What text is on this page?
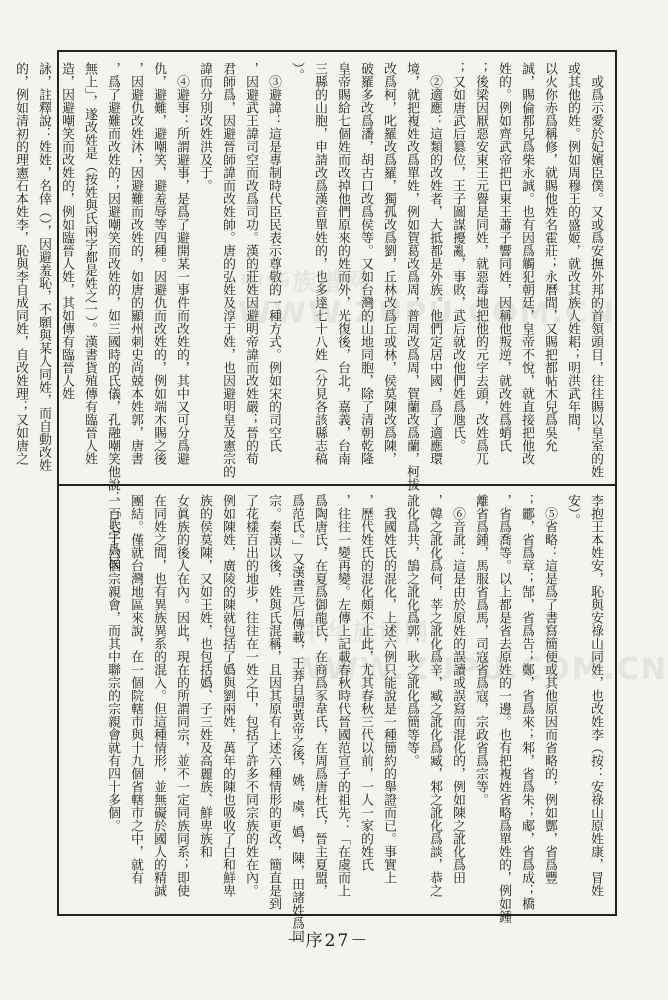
或爲示愛於妃嬪臣僕。又或爲安撫外邦的首領頭目，往往賜以皇室的姓
或其他的姓。例如周穆王的盛姬，就改其族人姓耜；明洪武年間，
以火你赤爲稱修，就賜他姓名霍莊；永曆間，又賜把都帖木兒爲吳允
誠，賜倫都兒爲柴永誠。也有因爲觸犯朝廷，皇帝不悅，就直接把他改
姓的。例如齊武帝把巴東王蕭子響同姓，因稱他叛逆，就改姓爲蛸氏
；後梁因厭惡安東王元譽是同姓，就惡毒地把他的元字去頭，改姓爲兀
；又如唐武后篡位，王子圖謀擾亂，事敗，武后就改他們姓爲虺氏。
②適應：這類的改姓者，大抵都是外族。他們定居中國，爲了適應環
境，就把複姓改爲單姓，例如賀葛改爲周，普周改爲周，賀蘭改爲蘭，柯拔
改爲柯，叱羅改爲羅，獨孤改爲劉，丘林改爲丘或林，侯莫陳改爲陳，
破羅多改爲潘，胡古口改爲侯等。又如台灣的山地同胞，除了清朝乾隆
皇帝賜給七個姓而改掉他們原來的姓而外，光復後，台北，嘉義，台南
三縣的山胞，申請改爲漢音單姓的，也多達七十八姓（分見各該縣志稿
）。
③避諱：這是專制時代臣民表示尊敬的一種方式。例如宋的司空氏
，因避武王諱司空而改爲司功。漢的莊姓因避明帝諱而改姓嚴；晉的荀
君師爲，因避晉師諱而改姓帥。唐的弘姓及淳于姓，也因避明皇及憲宗的
諱而分別改姓洪及于。
④避事：所謂避事，是爲了避開某一事件而改姓的，其中又可分爲避
仇，避難，避嘲笑，避羞辱等四種。因避仇而改姓的，例如端木賜之後
，因避仇改姓沐；因避難而改姓的，如唐的顯州刺史尚兢本姓郭，唐書
，爲了避難而改姓的；因避嘲笑而改姓的，如三國時的氏儀，孔融嘲笑他說：「氏字爲民
無上」，遂改姓是（按姓與氏兩字都是姓之一）。漢書貨殖傳有臨晉人姓
造，因避嘲笑而改姓的，例如臨晉人姓，其如傳有臨晉人姓
詠，註釋說：姓姓，名倖（），因避羞恥，不願與某人同姓，而自動改姓
的，例如清初的理憲石本姓李，恥與李自成同姓，自改姓理；又如唐之
李抱王本姓安，恥與安祿山同姓，也改姓李（按：安祿山原姓康，冒姓
安）。
⑤省略：這是爲了書寫簡便或其他原因而省略的，例如酆，省爲豐
；酈，省爲章；郜，省爲告；鄭，省爲來；邾，省爲朱；郕，省爲成；橋
，省爲喬等。以上都是省去原姓的一邊。也有把複姓省略爲單姓的，例如鍾
離省爲鍾，馬服省爲馬，司寇省爲寇，宗政省爲宗等。
⑥音訛：這是由於原姓的誤讀或誤寫而混化的，例如陳之訛化爲田
，韓之訛化爲何，莘之訛化爲辛，臧之訛化爲臧，邾之訛化爲談，恭之
訛化爲共，鵠之訛化爲郭，耿之訛化爲簡等等。
我國姓氏的混化，上述六例只能說是一種簡約的舉證而已。事實上
，歷代姓氏的混化頗不止此，尤其春秋三代以前，一人一家的姓氏
，往往一變再變。左傳上記載春秋時代晉國范宣子的祖先：「在虞而上
爲陶唐氏，在夏爲御龍氏，在商爲豕韋氏，在周爲唐杜氏，晉主夏盟，
爲范氏。」又漢書元后傳載，王莽自謂黃帝之後，姚，虞，嬀，陳，田諸姓爲同
宗。秦漢以後，姓與氏混稱，且因其原有上述六種情形的更改，簡直是到
了花樣百出的地步，往往在一姓之中，包括了許多不同宗族的姓在內。
例如陳姓，廣陵的陳就包括了嬀與劉兩姓，萬年的陳也吸收了白和鮮卑
族的侯莫陳，又如王姓，也包括嬀、子三姓及高麗族、鮮卑族和
女眞族的後人在內。因此，現在的所謂同宗，並不一定同族同系；即使
在同姓之間，也有異族異系的混入。但這種情形，並無礙於國人的精誠
團結。僅就台灣地區來說，在一個院轄市與十九個省轄市之中，就有
一百七十六個宗親會，而其中聯宗的宗親會就有四十多個。
中华族谱网
WWW.ZUPU.COM.CN
中华族谱网
WWW.ZUPU.COM.CN
－序27－
